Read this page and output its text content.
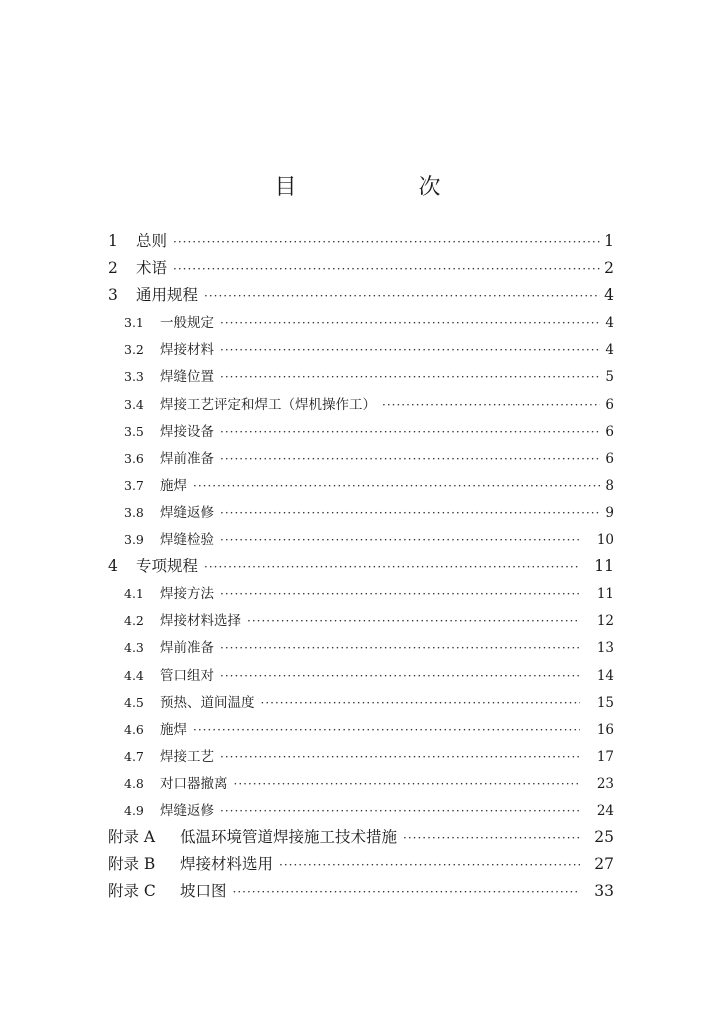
目　次
1	总则 ·····	1
2	术语 ·····	2
3	通用规程 ·····	4
3.1	一般规定 ·····	4
3.2	焊接材料 ·····	4
3.3	焊缝位置 ·····	5
3.4	焊接工艺评定和焊工（焊机操作工） ·····	6
3.5	焊接设备 ·····	6
3.6	焊前准备 ·····	6
3.7	施焊 ·····	8
3.8	焊缝返修 ·····	9
3.9	焊缝检验 ·····	10
4	专项规程 ·····	11
4.1	焊接方法 ·····	11
4.2	焊接材料选择 ·····	12
4.3	焊前准备 ·····	13
4.4	管口组对 ·····	14
4.5	预热、道间温度 ·····	15
4.6	施焊 ·····	16
4.7	焊接工艺 ·····	17
4.8	对口器撤离 ·····	23
4.9	焊缝返修 ·····	24
附录 A	低温环境管道焊接施工技术措施 ·····	25
附录 B	焊接材料选用 ·····	27
附录 C	坡口图 ·····	33
